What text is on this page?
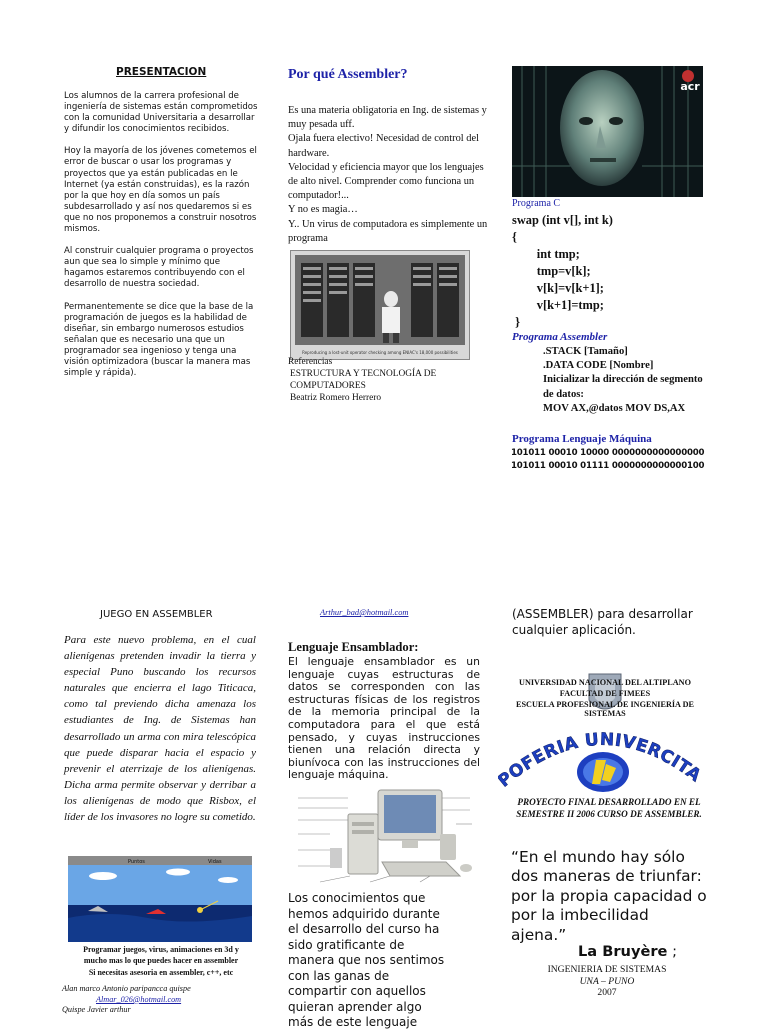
PRESENTACION

Los alumnos de la carrera profesional de ingeniería de sistemas están comprometidos con la comunidad Universitaria a desarrollar y difundir los conocimientos recibidos.

Hoy la mayoría de los jóvenes cometemos el error de buscar o usar los programas y proyectos que ya están publicadas en le Internet (ya están construidas), es la razón por la que hoy en día somos un país subdesarrollado y así nos quedaremos si es que no nos proponemos a construir nosotros mismos.

Al construir cualquier programa o proyectos aun que sea lo simple y mínimo que hagamos estaremos contribuyendo con el desarrollo de nuestra sociedad.

Permanentemente se dice que la base de la programación de juegos es la habilidad de diseñar, sin embargo numerosos estudios señalan que es necesario una que un programador sea ingenioso y tenga una visión optimizadora (buscar la manera mas simple y rápida).

Por qué Assembler?

Es una materia obligatoria en Ing. de sistemas y muy pesada uff.

Ojala fuera electivo! Necesidad de control del hardware.

Velocidad y eficiencia mayor que los lenguajes de alto nivel. Comprender como funciona un computador!...

Y no es magia…

Y.. Un virus de computadora es simplemente un programa

Reproducing a lost-unit operator checking among ENIAC's 18,000 possibilities
Referencias
ESTRUCTURA Y TECNOLOGÍA DE COMPUTADORES
Beatriz Romero Herrero
acr
Programa C
swap (int v[], int k)
{
int tmp;
tmp=v[k];
v[k]=v[k+1];
v[k+1]=tmp;
}
Programa Assembler
.STACK [Tamaño]
.DATA CODE [Nombre]
Inicializar la dirección de segmento de datos:
MOV AX,@datos MOV DS,AX
Programa Lenguaje Máquina
101011 00010 10000 0000000000000000
101011 00010 01111 0000000000000100
JUEGO EN ASSEMBLER
Para este nuevo problema, en el cual alienígenas pretenden invadir la tierra y especial Puno buscando los recursos naturales que encierra el lago Titicaca, como tal previendo dicha amenaza los estudiantes de Ing. de Sistemas han desarrollado un arma con mira telescópica que puede disparar hacia el espacio y prevenir el aterrizaje de los alienígenas. Dicha arma permite observar y derribar a los alienígenas de modo que Risbox, el líder de los invasores no logre su cometido.
Puntos	Vidas
Programar juegos, virus, animaciones en 3d y
mucho mas lo que puedes hacer en assembler
Si necesitas asesoria en assembler, c++, etc
Alan marco Antonio paripancca quispe
Almar_026@hotmail.com
Quispe Javier arthur
Arthur_bad@hotmail.com
Lenguaje Ensamblador:
El lenguaje ensamblador es un lenguaje cuyas estructuras de datos se corresponden con las estructuras físicas de los registros de la memoria principal de la computadora para el que está pensado, y cuyas instrucciones tienen una relación directa y biunívoca con las instrucciones del lenguaje máquina.
Los conocimientos que hemos adquirido durante el desarrollo del curso ha sido gratificante de manera que nos sentimos con las ganas de compartir con aquellos quieran aprender algo más de este lenguaje
(ASSEMBLER) para desarrollar cualquier aplicación.
UNIVERSIDAD NACIONAL DEL ALTIPLANO
FACULTAD DE FIMEES
ESCUELA PROFESIONAL DE INGENIERÍA DE SISTEMAS
OFERIA UNIVERCITA
PROYECTO FINAL DESARROLLADO EN EL SEMESTRE II 2006 CURSO DE ASSEMBLER.
“En el mundo hay sólo dos maneras de triunfar: por la propia capacidad o por la imbecilidad ajena.”
La Bruyère ;
INGENIERIA DE SISTEMAS
UNA – PUNO
2007
